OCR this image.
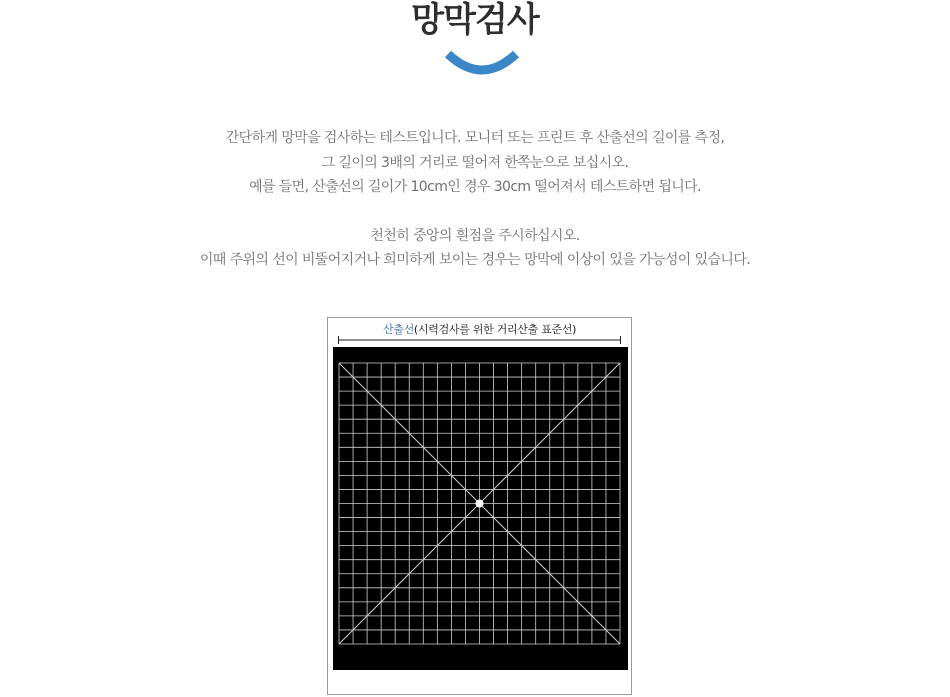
망막검사
간단하게 망막을 검사하는 테스트입니다. 모니터 또는 프린트 후 산출선의 길이를 측정,
그 길이의 3배의 거리로 떨어져 한쪽눈으로 보십시오.
예를 들면, 산출선의 길이가 10cm인 경우 30cm 떨어져서 테스트하면 됩니다.
천천히 중앙의 흰점을 주시하십시오.
이때 주위의 선이 비뚤어지거나 희미하게 보이는 경우는 망막에 이상이 있을 가능성이 있습니다.
산출선(시력검사를 위한 거리산출 표준선)
